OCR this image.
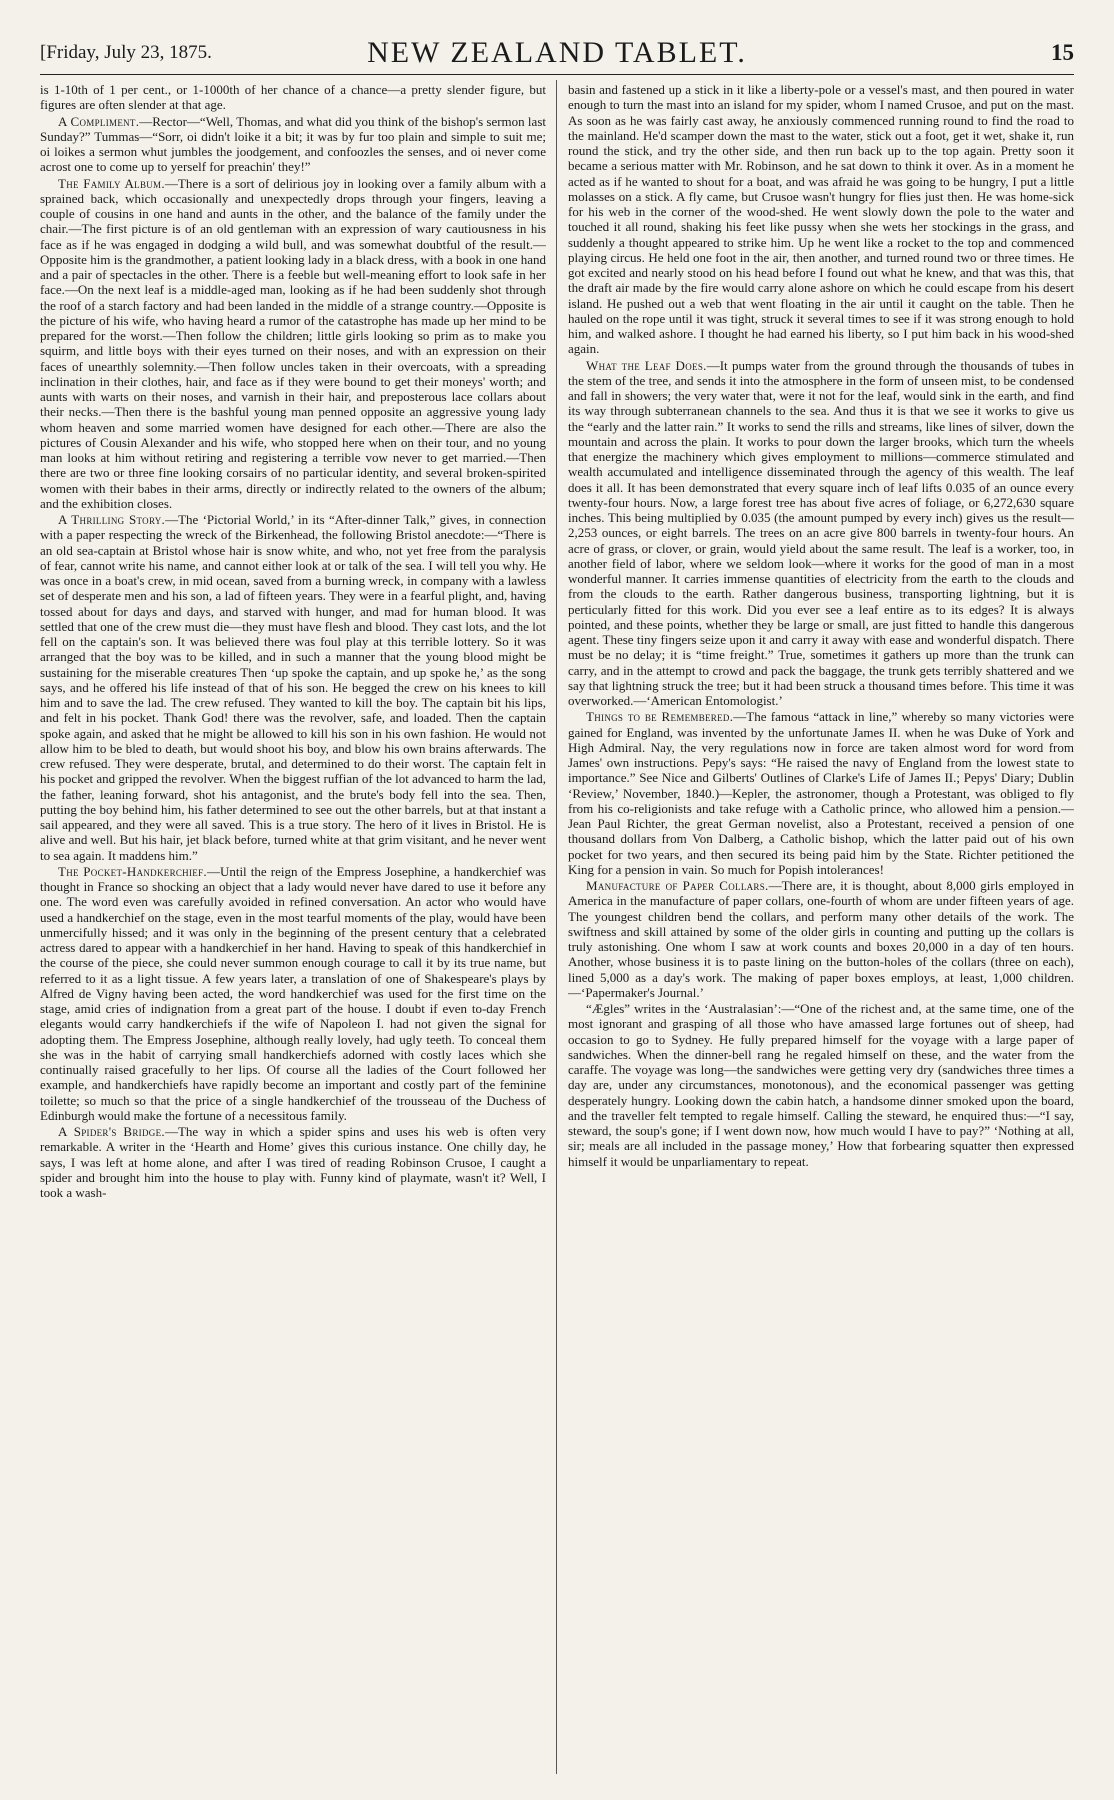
[Friday, July 23, 1875.	NEW ZEALAND TABLET.	15

is 1-10th of 1 per cent., or 1-1000th of her chance of a chance—a pretty slender figure, but figures are often slender at that age.

A Compliment.—Rector—“Well, Thomas, and what did you think of the bishop's sermon last Sunday?” Tummas—“Sorr, oi didn't loike it a bit; it was by fur too plain and simple to suit me; oi loikes a sermon whut jumbles the joodgement, and confoozles the senses, and oi never come acrost one to come up to yerself for preachin' they!”

The Family Album.—There is a sort of delirious joy in looking over a family album with a sprained back, which occasionally and unexpectedly drops through your fingers, leaving a couple of cousins in one hand and aunts in the other, and the balance of the family under the chair.—The first picture is of an old gentleman with an expression of wary cautiousness in his face as if he was engaged in dodging a wild bull, and was somewhat doubtful of the result.—Opposite him is the grandmother, a patient looking lady in a black dress, with a book in one hand and a pair of spectacles in the other. There is a feeble but well-meaning effort to look safe in her face.—On the next leaf is a middle-aged man, looking as if he had been suddenly shot through the roof of a starch factory and had been landed in the middle of a strange country.—Opposite is the picture of his wife, who having heard a rumor of the catastrophe has made up her mind to be prepared for the worst.—Then follow the children; little girls looking so prim as to make you squirm, and little boys with their eyes turned on their noses, and with an expression on their faces of unearthly solemnity.—Then follow uncles taken in their overcoats, with a spreading inclination in their clothes, hair, and face as if they were bound to get their moneys' worth; and aunts with warts on their noses, and varnish in their hair, and preposterous lace collars about their necks.—Then there is the bashful young man penned opposite an aggressive young lady whom heaven and some married women have designed for each other.—There are also the pictures of Cousin Alexander and his wife, who stopped here when on their tour, and no young man looks at him without retiring and registering a terrible vow never to get married.—Then there are two or three fine looking corsairs of no particular identity, and several broken-spirited women with their babes in their arms, directly or indirectly related to the owners of the album; and the exhibition closes.

A Thrilling Story.—The ‘Pictorial World,’ in its “After-dinner Talk,” gives, in connection with a paper respecting the wreck of the Birkenhead, the following Bristol anecdote:—“There is an old sea-captain at Bristol whose hair is snow white, and who, not yet free from the paralysis of fear, cannot write his name, and cannot either look at or talk of the sea. I will tell you why. He was once in a boat's crew, in mid ocean, saved from a burning wreck, in company with a lawless set of desperate men and his son, a lad of fifteen years. They were in a fearful plight, and, having tossed about for days and days, and starved with hunger, and mad for human blood. It was settled that one of the crew must die—they must have flesh and blood. They cast lots, and the lot fell on the captain's son. It was believed there was foul play at this terrible lottery. So it was arranged that the boy was to be killed, and in such a manner that the young blood might be sustaining for the miserable creatures Then ‘up spoke the captain, and up spoke he,’ as the song says, and he offered his life instead of that of his son. He begged the crew on his knees to kill him and to save the lad. The crew refused. They wanted to kill the boy. The captain bit his lips, and felt in his pocket. Thank God! there was the revolver, safe, and loaded. Then the captain spoke again, and asked that he might be allowed to kill his son in his own fashion. He would not allow him to be bled to death, but would shoot his boy, and blow his own brains afterwards. The crew refused. They were desperate, brutal, and determined to do their worst. The captain felt in his pocket and gripped the revolver. When the biggest ruffian of the lot advanced to harm the lad, the father, leaning forward, shot his antagonist, and the brute's body fell into the sea. Then, putting the boy behind him, his father determined to see out the other barrels, but at that instant a sail appeared, and they were all saved. This is a true story. The hero of it lives in Bristol. He is alive and well. But his hair, jet black before, turned white at that grim visitant, and he never went to sea again. It maddens him.”

The Pocket-Handkerchief.—Until the reign of the Empress Josephine, a handkerchief was thought in France so shocking an object that a lady would never have dared to use it before any one. The word even was carefully avoided in refined conversation. An actor who would have used a handkerchief on the stage, even in the most tearful moments of the play, would have been unmercifully hissed; and it was only in the beginning of the present century that a celebrated actress dared to appear with a handkerchief in her hand. Having to speak of this handkerchief in the course of the piece, she could never summon enough courage to call it by its true name, but referred to it as a light tissue. A few years later, a translation of one of Shakespeare's plays by Alfred de Vigny having been acted, the word handkerchief was used for the first time on the stage, amid cries of indignation from a great part of the house. I doubt if even to-day French elegants would carry handkerchiefs if the wife of Napoleon I. had not given the signal for adopting them. The Empress Josephine, although really lovely, had ugly teeth. To conceal them she was in the habit of carrying small handkerchiefs adorned with costly laces which she continually raised gracefully to her lips. Of course all the ladies of the Court followed her example, and handkerchiefs have rapidly become an important and costly part of the feminine toilette; so much so that the price of a single handkerchief of the trousseau of the Duchess of Edinburgh would make the fortune of a necessitous family.

A Spider's Bridge.—The way in which a spider spins and uses his web is often very remarkable. A writer in the ‘Hearth and Home’ gives this curious instance. One chilly day, he says, I was left at home alone, and after I was tired of reading Robinson Crusoe, I caught a spider and brought him into the house to play with. Funny kind of playmate, wasn't it? Well, I took a wash-

basin and fastened up a stick in it like a liberty-pole or a vessel's mast, and then poured in water enough to turn the mast into an island for my spider, whom I named Crusoe, and put on the mast. As soon as he was fairly cast away, he anxiously commenced running round to find the road to the mainland. He'd scamper down the mast to the water, stick out a foot, get it wet, shake it, run round the stick, and try the other side, and then run back up to the top again. Pretty soon it became a serious matter with Mr. Robinson, and he sat down to think it over. As in a moment he acted as if he wanted to shout for a boat, and was afraid he was going to be hungry, I put a little molasses on a stick. A fly came, but Crusoe wasn't hungry for flies just then. He was home-sick for his web in the corner of the wood-shed. He went slowly down the pole to the water and touched it all round, shaking his feet like pussy when she wets her stockings in the grass, and suddenly a thought appeared to strike him. Up he went like a rocket to the top and commenced playing circus. He held one foot in the air, then another, and turned round two or three times. He got excited and nearly stood on his head before I found out what he knew, and that was this, that the draft air made by the fire would carry alone ashore on which he could escape from his desert island. He pushed out a web that went floating in the air until it caught on the table. Then he hauled on the rope until it was tight, struck it several times to see if it was strong enough to hold him, and walked ashore. I thought he had earned his liberty, so I put him back in his wood-shed again.

What the Leaf Does.—It pumps water from the ground through the thousands of tubes in the stem of the tree, and sends it into the atmosphere in the form of unseen mist, to be condensed and fall in showers; the very water that, were it not for the leaf, would sink in the earth, and find its way through subterranean channels to the sea. And thus it is that we see it works to give us the “early and the latter rain.” It works to send the rills and streams, like lines of silver, down the mountain and across the plain. It works to pour down the larger brooks, which turn the wheels that energize the machinery which gives employment to millions—commerce stimulated and wealth accumulated and intelligence disseminated through the agency of this wealth. The leaf does it all. It has been demonstrated that every square inch of leaf lifts 0.035 of an ounce every twenty-four hours. Now, a large forest tree has about five acres of foliage, or 6,272,630 square inches. This being multiplied by 0.035 (the amount pumped by every inch) gives us the result—2,253 ounces, or eight barrels. The trees on an acre give 800 barrels in twenty-four hours. An acre of grass, or clover, or grain, would yield about the same result. The leaf is a worker, too, in another field of labor, where we seldom look—where it works for the good of man in a most wonderful manner. It carries immense quantities of electricity from the earth to the clouds and from the clouds to the earth. Rather dangerous business, transporting lightning, but it is perticularly fitted for this work. Did you ever see a leaf entire as to its edges? It is always pointed, and these points, whether they be large or small, are just fitted to handle this dangerous agent. These tiny fingers seize upon it and carry it away with ease and wonderful dispatch. There must be no delay; it is “time freight.” True, sometimes it gathers up more than the trunk can carry, and in the attempt to crowd and pack the baggage, the trunk gets terribly shattered and we say that lightning struck the tree; but it had been struck a thousand times before. This time it was overworked.—‘American Entomologist.’

Things to be Remembered.—The famous “attack in line,” whereby so many victories were gained for England, was invented by the unfortunate James II. when he was Duke of York and High Admiral. Nay, the very regulations now in force are taken almost word for word from James' own instructions. Pepy's says: “He raised the navy of England from the lowest state to importance.” See Nice and Gilberts' Outlines of Clarke's Life of James II.; Pepys' Diary; Dublin ‘Review,’ November, 1840.)—Kepler, the astronomer, though a Protestant, was obliged to fly from his co-religionists and take refuge with a Catholic prince, who allowed him a pension.—Jean Paul Richter, the great German novelist, also a Protestant, received a pension of one thousand dollars from Von Dalberg, a Catholic bishop, which the latter paid out of his own pocket for two years, and then secured its being paid him by the State. Richter petitioned the King for a pension in vain. So much for Popish intolerances!

Manufacture of Paper Collars.—There are, it is thought, about 8,000 girls employed in America in the manufacture of paper collars, one-fourth of whom are under fifteen years of age. The youngest children bend the collars, and perform many other details of the work. The swiftness and skill attained by some of the older girls in counting and putting up the collars is truly astonishing. One whom I saw at work counts and boxes 20,000 in a day of ten hours. Another, whose business it is to paste lining on the button-holes of the collars (three on each), lined 5,000 as a day's work. The making of paper boxes employs, at least, 1,000 children.—‘Papermaker's Journal.’

“Ægles” writes in the ‘Australasian’:—“One of the richest and, at the same time, one of the most ignorant and grasping of all those who have amassed large fortunes out of sheep, had occasion to go to Sydney. He fully prepared himself for the voyage with a large paper of sandwiches. When the dinner-bell rang he regaled himself on these, and the water from the caraffe. The voyage was long—the sandwiches were getting very dry (sandwiches three times a day are, under any circumstances, monotonous), and the economical passenger was getting desperately hungry. Looking down the cabin hatch, a handsome dinner smoked upon the board, and the traveller felt tempted to regale himself. Calling the steward, he enquired thus:—“I say, steward, the soup's gone; if I went down now, how much would I have to pay?” ‘Nothing at all, sir; meals are all included in the passage money,’ How that forbearing squatter then expressed himself it would be unparliamentary to repeat.
